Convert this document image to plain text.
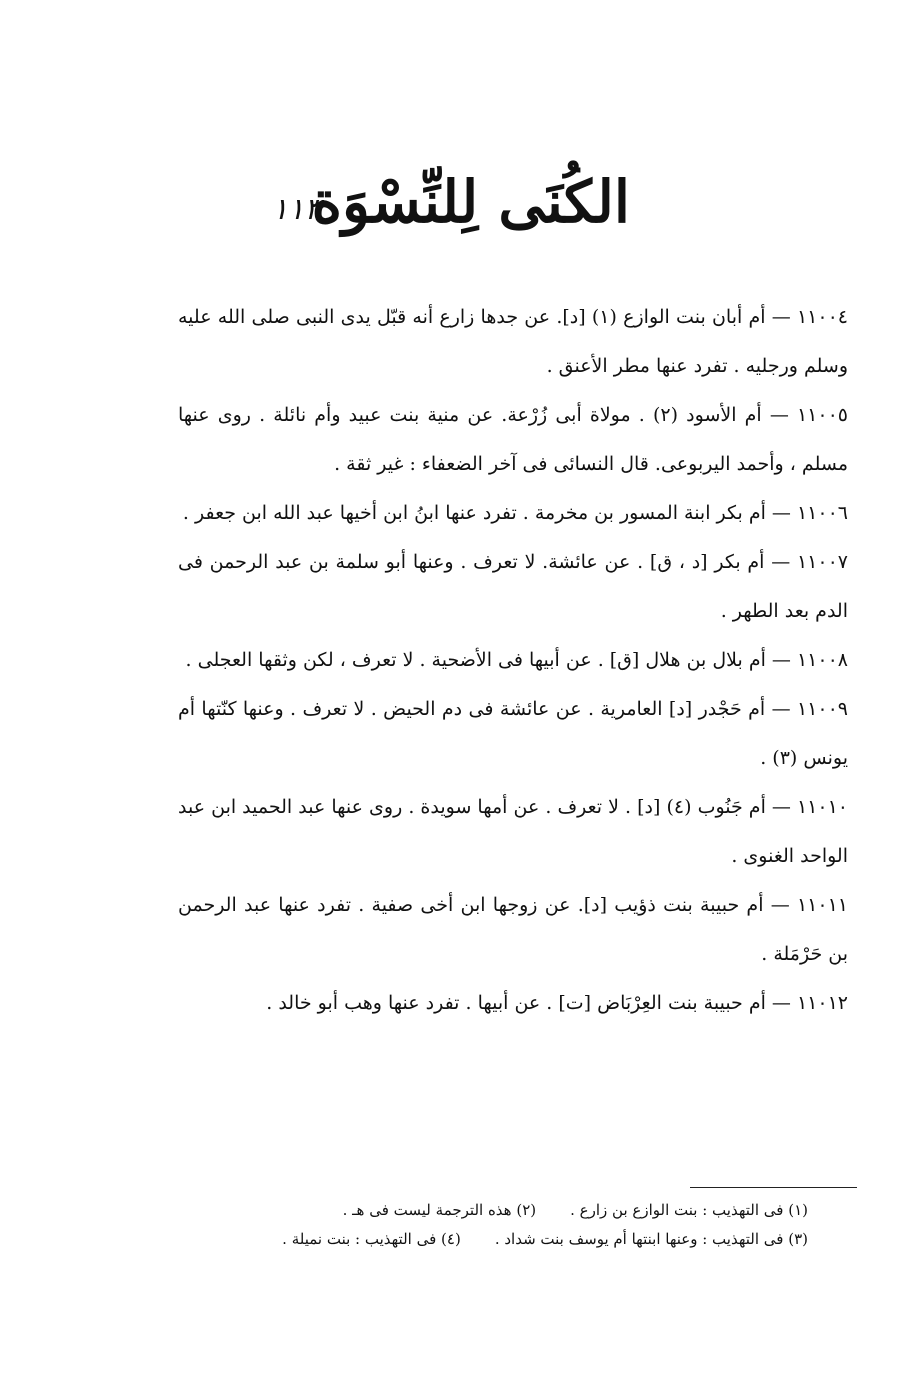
الكُنَى لِلنِّسْوَة
١١٣

١١٠٠٤ — أم أبان بنت الوازع (١) [د]. عن جدها زارع أنه قبّل يدى النبى صلى الله عليه وسلم ورجليه . تفرد عنها مطر الأعنق .

١١٠٠٥ — أم الأسود (٢) . مولاة أبى زُرْعة. عن منية بنت عبيد وأم نائلة . روى عنها مسلم ، وأحمد اليربوعى. قال النسائى فى آخر الضعفاء : غير ثقة .

١١٠٠٦ — أم بكر ابنة المسور بن مخرمة . تفرد عنها ابنُ ابن أخيها عبد الله ابن جعفر .

١١٠٠٧ — أم بكر [د ، ق] . عن عائشة. لا تعرف . وعنها أبو سلمة بن عبد الرحمن فى الدم بعد الطهر .

١١٠٠٨ — أم بلال بن هلال [ق] . عن أبيها فى الأضحية . لا تعرف ، لكن وثقها العجلى .

١١٠٠٩ — أم حَجْدر [د] العامرية . عن عائشة فى دم الحيض . لا تعرف . وعنها كنّتها أم يونس (٣) .

١١٠١٠ — أم جَنُوب (٤) [د] . لا تعرف . عن أمها سويدة . روى عنها عبد الحميد ابن عبد الواحد الغنوى .

١١٠١١ — أم حبيبة بنت ذؤيب [د]. عن زوجها ابن أخى صفية . تفرد عنها عبد الرحمن بن حَرْمَلة .

١١٠١٢ — أم حبيبة بنت العِرْبَاض [ت] . عن أبيها . تفرد عنها وهب أبو خالد .

(١) فى التهذيب : بنت الوازع بن زارع .(٢) هذه الترجمة ليست فى هـ .
(٣) فى التهذيب : وعنها ابنتها أم يوسف بنت شداد .(٤) فى التهذيب : بنت نميلة .
